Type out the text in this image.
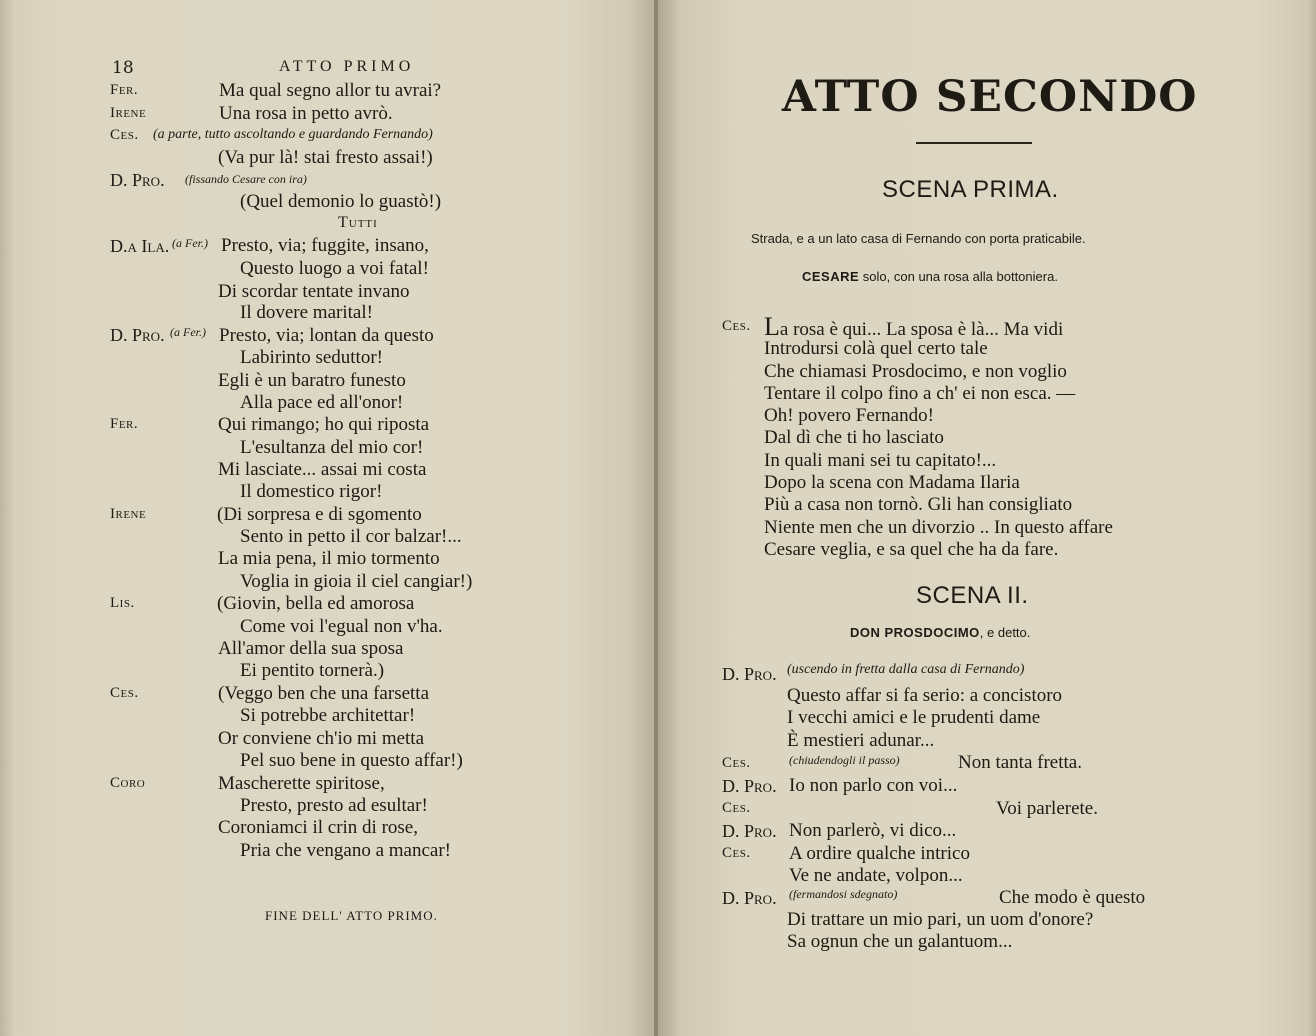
18	ATTO PRIMO
Fer.	Ma qual segno allor tu avrai?
Irene	Una rosa in petto avrò.
Ces. (a parte, tutto ascoltando e guardando Fernando)
(Va pur là! stai fresto assai!)
D. Pro. (fissando Cesare con ira)
(Quel demonio lo guastò!)
Tutti
D.a Ila. (a Fer.) Presto, via; fuggite, insano,
Questo luogo a voi fatal!
Di scordar tentate invano
Il dovere marital!
D. Pro. (a Fer.) Presto, via; lontan da questo
Labirinto seduttor!
Egli è un baratro funesto
Alla pace ed all'onor!
Fer.	Qui rimango; ho qui riposta
L'esultanza del mio cor!
Mi lasciate... assai mi costa
Il domestico rigor!
Irene	(Di sorpresa e di sgomento
Sento in petto il cor balzar!...
La mia pena, il mio tormento
Voglia in gioia il ciel cangiar!)
Lis.	(Giovin, bella ed amorosa
Come voi l'egual non v'ha.
All'amor della sua sposa
Ei pentito tornerà.)
Ces.	(Veggo ben che una farsetta
Si potrebbe architettar!
Or conviene ch'io mi metta
Pel suo bene in questo affar!)
Coro	Mascherette spiritose,
Presto, presto ad esultar!
Coroniamci il crin di rose,
Pria che vengano a mancar!
FINE DELL' ATTO PRIMO.
ATTO SECONDO
SCENA PRIMA.
Strada, e a un lato casa di Fernando con porta praticabile.
CESARE solo, con una rosa alla bottoniera.
Ces. La rosa è qui... La sposa è là... Ma vidi
Introdursi colà quel certo tale
Che chiamasi Prosdocimo, e non voglio
Tentare il colpo fino a ch' ei non esca. —
Oh! povero Fernando!
Dal dì che ti ho lasciato
In quali mani sei tu capitato!...
Dopo la scena con Madama Ilaria
Più a casa non tornò. Gli han consigliato
Niente men che un divorzio .. In questo affare
Cesare veglia, e sa quel che ha da fare.
SCENA II.
DON PROSDOCIMO, e detto.
D. Pro. (uscendo in fretta dalla casa di Fernando)
Questo affar si fa serio: a concistoro
I vecchi amici e le prudenti dame
È mestieri adunar...
Ces.	(chiudendogli il passo)	Non tanta fretta.
D. Pro. Io non parlo con voi...
Ces.	Voi parlerete.
D. Pro. Non parlerò, vi dico...
Ces. A ordire qualche intrico
Ve ne andate, volpon...
D. Pro. (fermandosi sdegnato)	Che modo è questo
Di trattare un mio pari, un uom d'onore?
Sa ognun che un galantuom...
